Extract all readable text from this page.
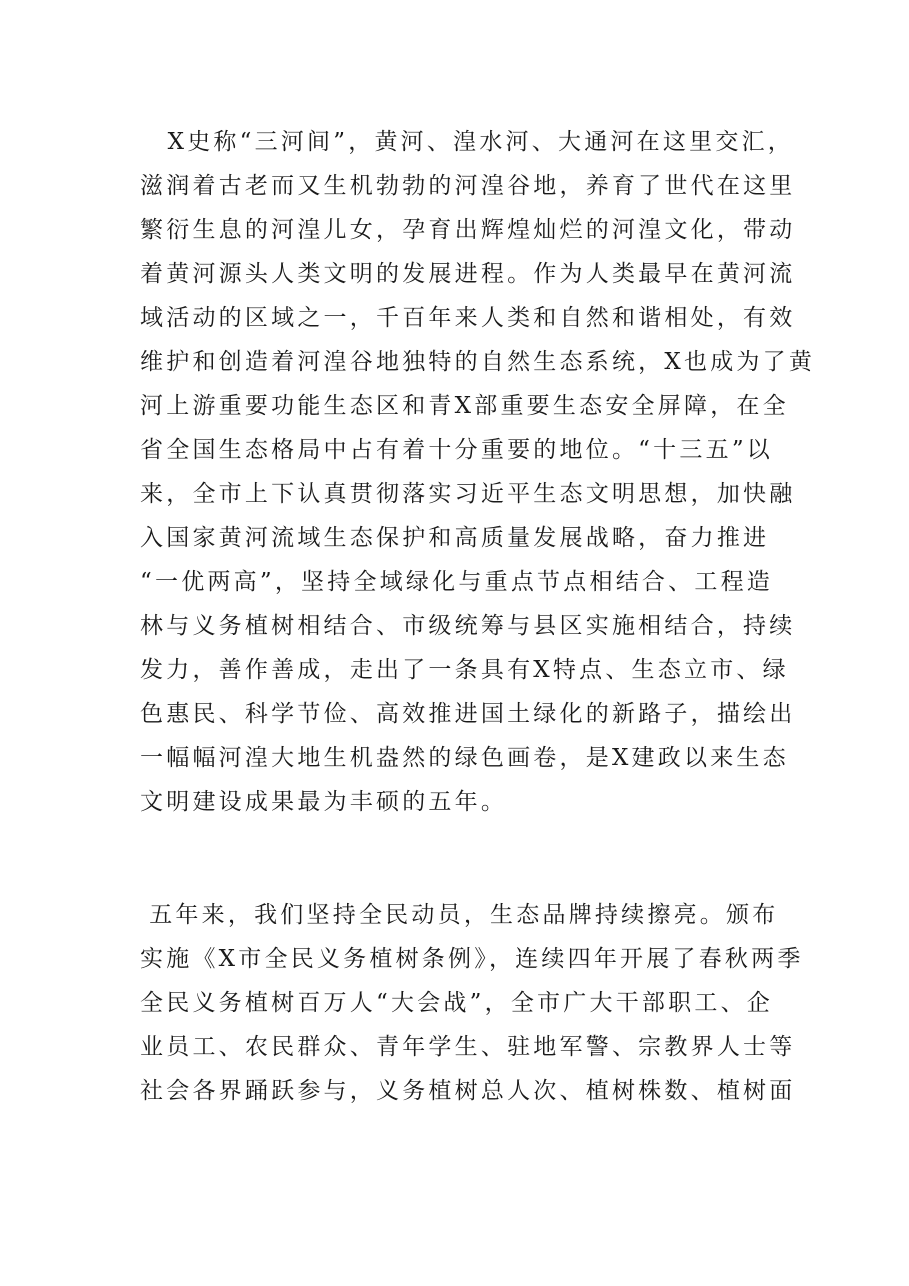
X史称“三河间”，黄河、湟水河、大通河在这里交汇，
滋润着古老而又生机勃勃的河湟谷地，养育了世代在这里
繁衍生息的河湟儿女，孕育出辉煌灿烂的河湟文化，带动
着黄河源头人类文明的发展进程。作为人类最早在黄河流
域活动的区域之一，千百年来人类和自然和谐相处，有效
维护和创造着河湟谷地独特的自然生态系统，X也成为了黄
河上游重要功能生态区和青X部重要生态安全屏障，在全
省全国生态格局中占有着十分重要的地位。“十三五”以
来，全市上下认真贯彻落实习近平生态文明思想，加快融
入国家黄河流域生态保护和高质量发展战略，奋力推进
“一优两高”，坚持全域绿化与重点节点相结合、工程造
林与义务植树相结合、市级统筹与县区实施相结合，持续
发力，善作善成，走出了一条具有X特点、生态立市、绿
色惠民、科学节俭、高效推进国土绿化的新路子，描绘出
一幅幅河湟大地生机盎然的绿色画卷，是X建政以来生态
文明建设成果最为丰硕的五年。
五年来，我们坚持全民动员，生态品牌持续擦亮。颁布
实施《X市全民义务植树条例》，连续四年开展了春秋两季
全民义务植树百万人“大会战”，全市广大干部职工、企
业员工、农民群众、青年学生、驻地军警、宗教界人士等
社会各界踊跃参与，义务植树总人次、植树株数、植树面
